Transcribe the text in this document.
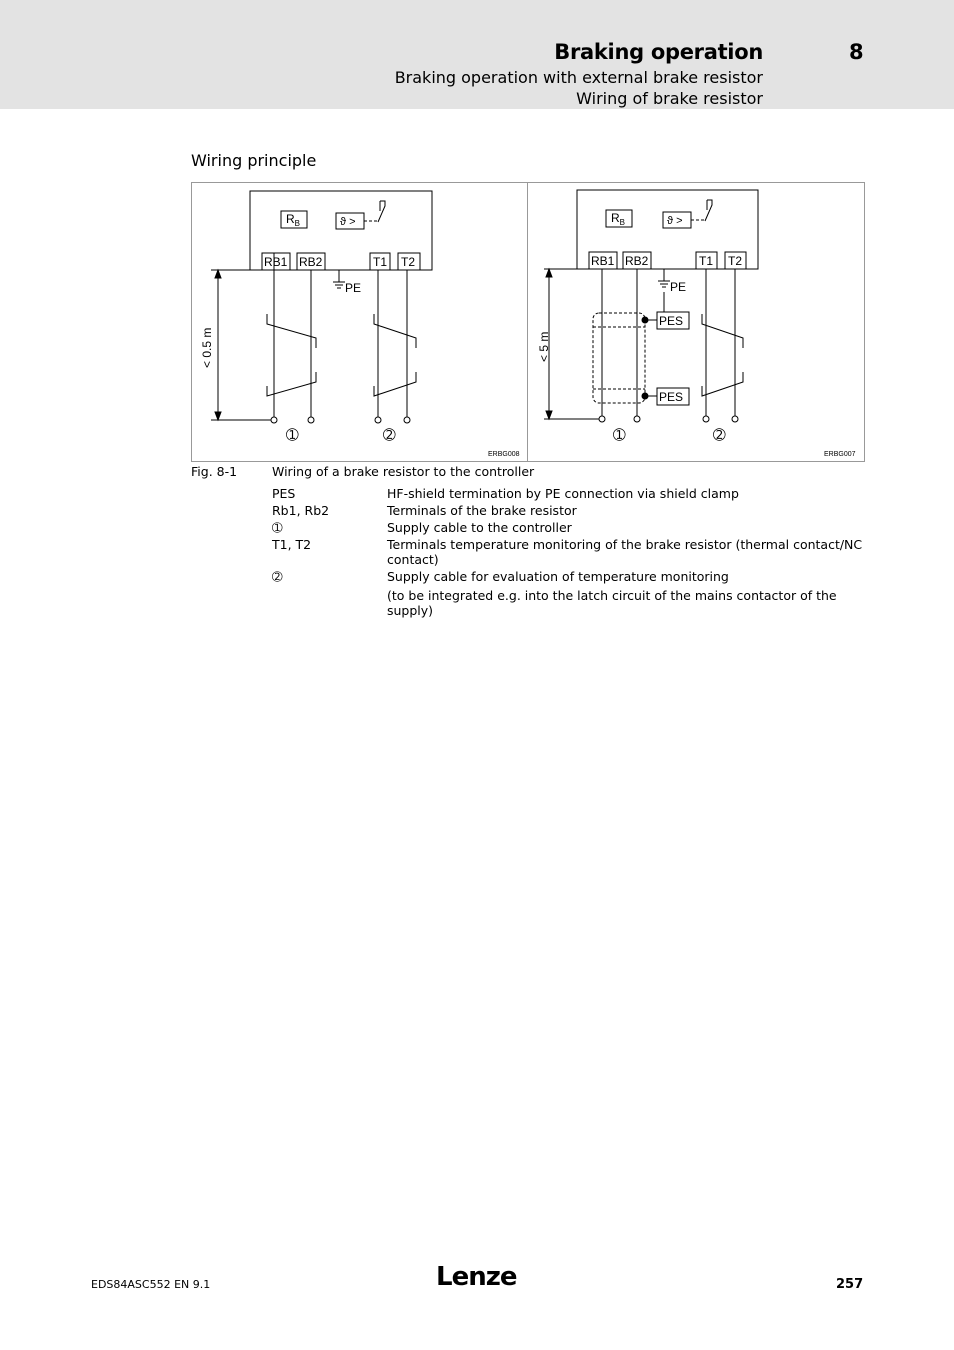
Braking operation	8
Braking operation with external brake resistor
Wiring of brake resistor
Wiring principle
$R_B$	ϑ >
RB1 RB2	T1 T2
PE
< 0.5 m
➀	➁
ERBG008
$R_B$	ϑ >
RB1 RB2	T1 T2
PE
< 5 m
PES
PES
➀	➁
ERBG007
Fig. 8-1	Wiring of a brake resistor to the controller
PES	HF-shield termination by PE connection via shield clamp
Rb1, Rb2	Terminals of the brake resistor
➀	Supply cable to the controller
T1, T2	Terminals temperature monitoring of the brake resistor (thermal contact/NC contact)
➁	Supply cable for evaluation of temperature monitoring
(to be integrated e.g. into the latch circuit of the mains contactor of the supply)
EDS84ASC552 EN 9.1	Lenze	257
